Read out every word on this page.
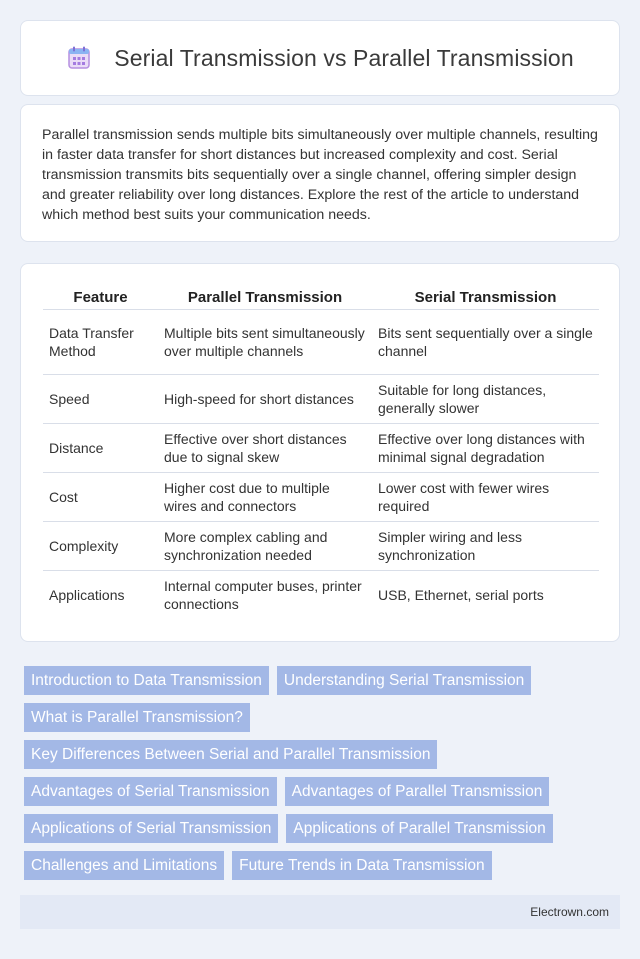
Serial Transmission vs Parallel Transmission

Parallel transmission sends multiple bits simultaneously over multiple channels, resulting in faster data transfer for short distances but increased complexity and cost. Serial transmission transmits bits sequentially over a single channel, offering simpler design and greater reliability over long distances. Explore the rest of the article to understand which method best suits your communication needs.

Feature	Parallel Transmission	Serial Transmission
Data Transfer Method	Multiple bits sent simultaneously over multiple channels	Bits sent sequentially over a single channel
Speed	High-speed for short distances	Suitable for long distances, generally slower
Distance	Effective over short distances due to signal skew	Effective over long distances with minimal signal degradation
Cost	Higher cost due to multiple wires and connectors	Lower cost with fewer wires required
Complexity	More complex cabling and synchronization needed	Simpler wiring and less synchronization
Applications	Internal computer buses, printer connections	USB, Ethernet, serial ports
Introduction to Data Transmission	Understanding Serial Transmission
What is Parallel Transmission?
Key Differences Between Serial and Parallel Transmission
Advantages of Serial Transmission	Advantages of Parallel Transmission
Applications of Serial Transmission	Applications of Parallel Transmission
Challenges and Limitations	Future Trends in Data Transmission
Electrown.com
